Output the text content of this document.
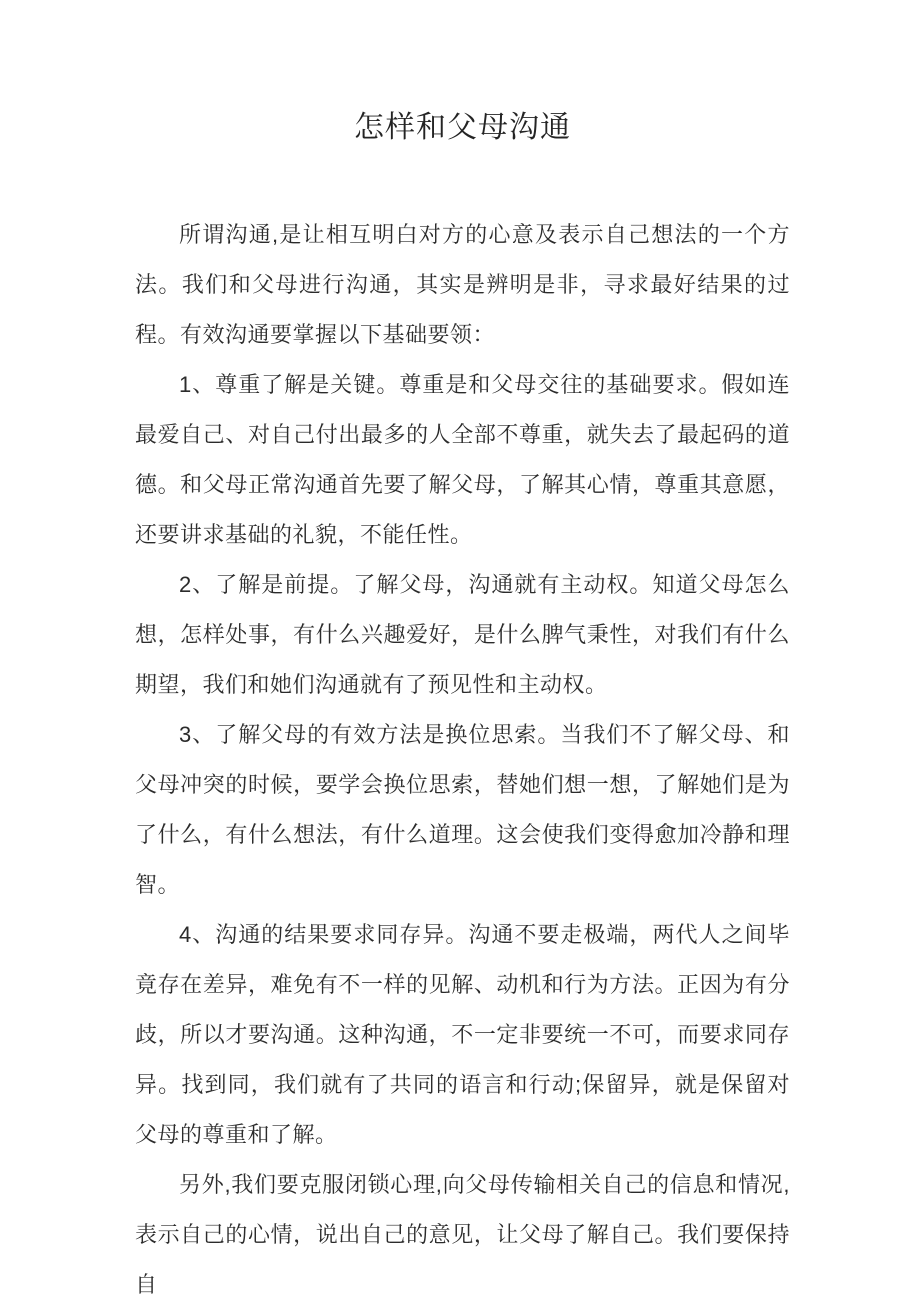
怎样和父母沟通

所谓沟通,是让相互明白对方的心意及表示自己想法的一个方法。我们和父母进行沟通，其实是辨明是非，寻求最好结果的过程。有效沟通要掌握以下基础要领：

1、尊重了解是关键。尊重是和父母交往的基础要求。假如连最爱自己、对自己付出最多的人全部不尊重，就失去了最起码的道德。和父母正常沟通首先要了解父母，了解其心情，尊重其意愿，还要讲求基础的礼貌，不能任性。

2、了解是前提。了解父母，沟通就有主动权。知道父母怎么想，怎样处事，有什么兴趣爱好，是什么脾气秉性，对我们有什么期望，我们和她们沟通就有了预见性和主动权。

3、了解父母的有效方法是换位思索。当我们不了解父母、和父母冲突的时候，要学会换位思索，替她们想一想，了解她们是为了什么，有什么想法，有什么道理。这会使我们变得愈加冷静和理智。

4、沟通的结果要求同存异。沟通不要走极端，两代人之间毕竟存在差异，难免有不一样的见解、动机和行为方法。正因为有分歧，所以才要沟通。这种沟通，不一定非要统一不可，而要求同存异。找到同，我们就有了共同的语言和行动;保留异，就是保留对父母的尊重和了解。

另外,我们要克服闭锁心理,向父母传输相关自己的信息和情况,表示自己的心情，说出自己的意见，让父母了解自己。我们要保持自
